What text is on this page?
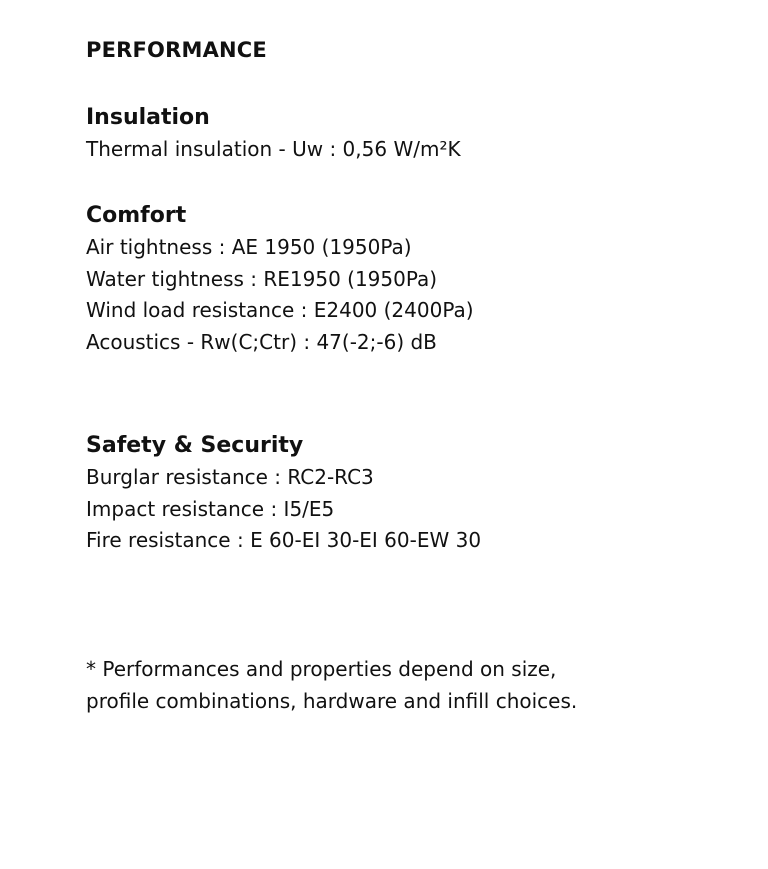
PERFORMANCE
Insulation
Thermal insulation - Uw : 0,56 W/m²K
Comfort
Air tightness : AE 1950 (1950Pa)
Water tightness : RE1950 (1950Pa)
Wind load resistance : E2400 (2400Pa)
Acoustics - Rw(C;Ctr) : 47(-2;-6) dB
Safety & Security
Burglar resistance : RC2-RC3
Impact resistance : I5/E5
Fire resistance : E 60-EI 30-EI 60-EW 30
* Performances and properties depend on size,
profile combinations, hardware and infill choices.
